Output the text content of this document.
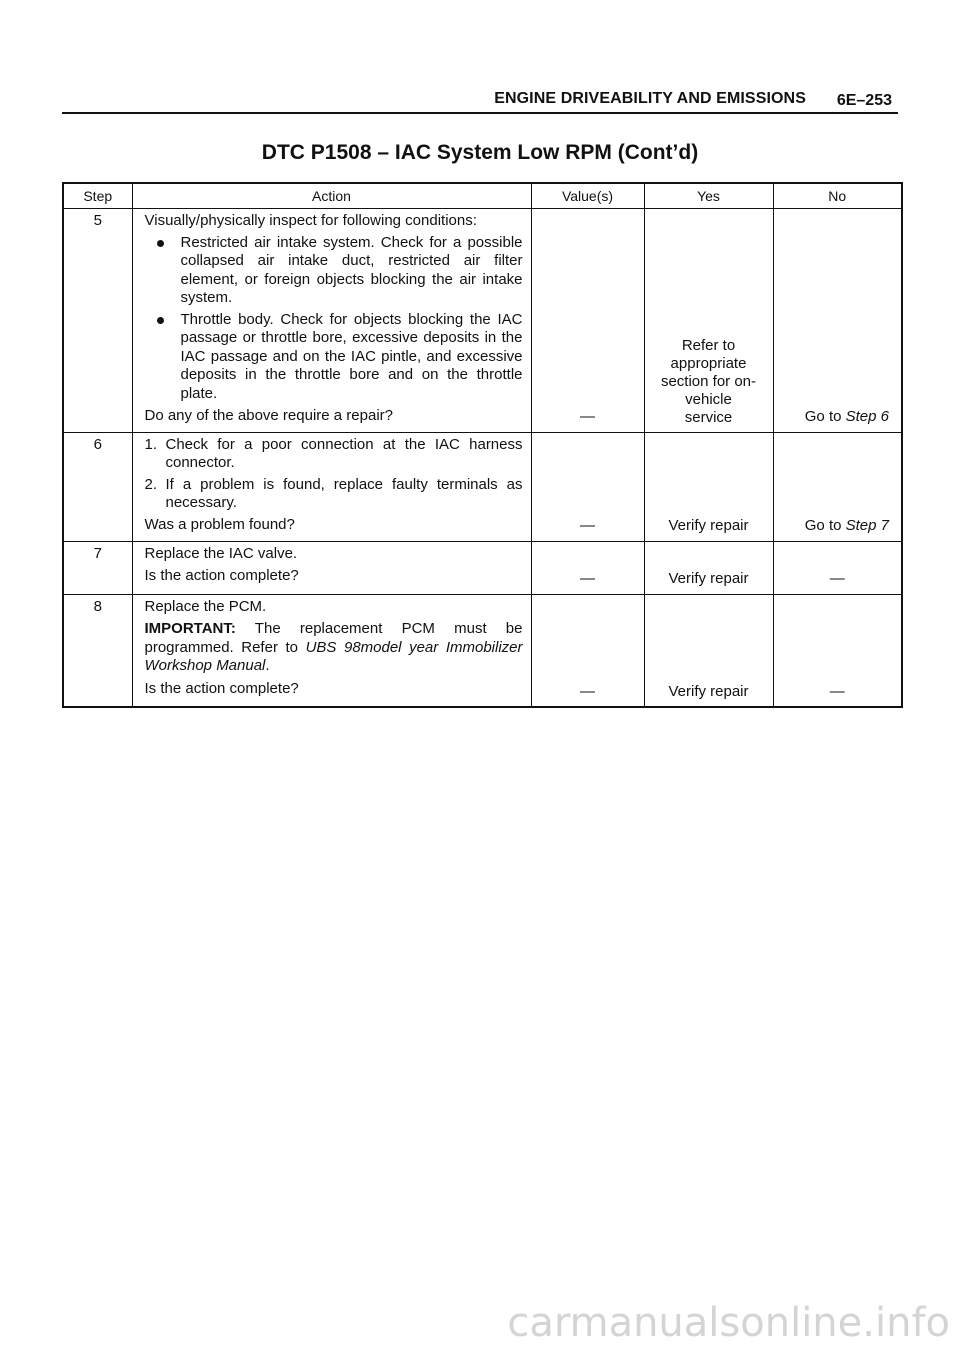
ENGINE DRIVEABILITY AND EMISSIONS 6E–253
DTC P1508 – IAC System Low RPM (Cont’d)
Step	Action	Value(s)	Yes	No
5	Visually/physically inspect for following conditions:
Restricted air intake system. Check for a possible collapsed air intake duct, restricted air filter element, or foreign objects blocking the air intake system.
Throttle body. Check for objects blocking the IAC passage or throttle bore, excessive deposits in the IAC passage and on the IAC pintle, and excessive deposits in the throttle bore and on the throttle plate.
Do any of the above require a repair?	—	Refer to appropriate section for on-vehicle service	Go to Step 6
6	1. Check for a poor connection at the IAC harness connector.
2. If a problem is found, replace faulty terminals as necessary.
Was a problem found?	—	Verify repair	Go to Step 7
7	Replace the IAC valve.
Is the action complete?	—	Verify repair	—
8	Replace the PCM.
IMPORTANT: The replacement PCM must be programmed. Refer to UBS 98model year Immobilizer Workshop Manual.
Is the action complete?	—	Verify repair	—
carmanualsonline.info
